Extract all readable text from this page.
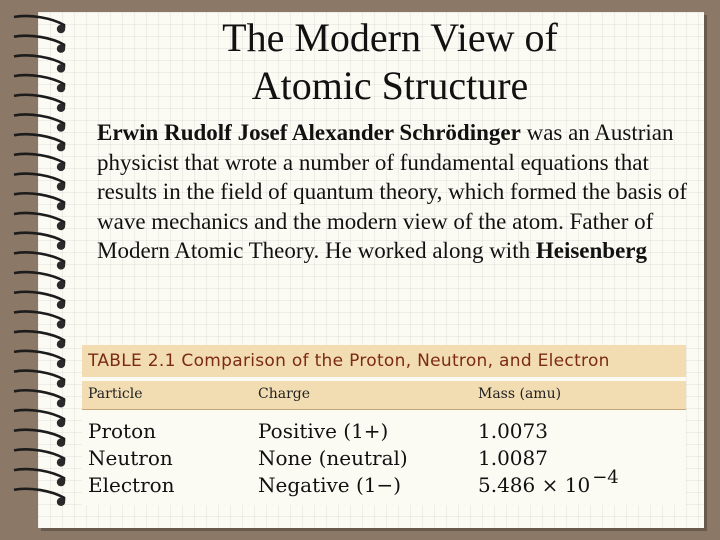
The Modern View of
Atomic Structure
Erwin Rudolf Josef Alexander Schrödinger was an Austrian physicist that wrote a number of fundamental equations that results in the field of quantum theory, which formed the basis of wave mechanics and the modern view of the atom. Father of Modern Atomic Theory. He worked along with Heisenberg
TABLE 2.1 Comparison of the Proton, Neutron, and Electron
Particle	Charge	Mass (amu)
Proton	Positive (1+)	1.0073
Neutron	None (neutral)	1.0087
Electron	Negative (1−)	5.486 × 10 −4
